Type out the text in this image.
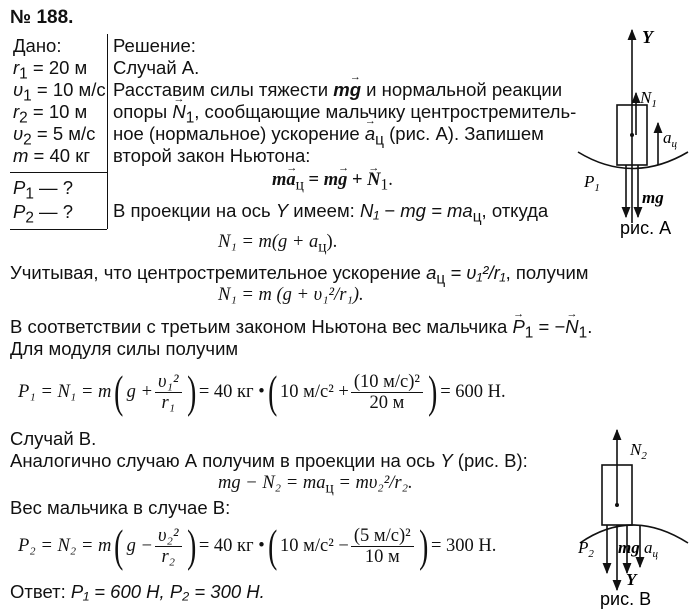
№ 188.
Дано:
$r_1 = 20$ м
$\upsilon_1 = 10$ м/с
$r_2 = 10$ м
$\upsilon_2 = 5$ м/с
m = 40 кг
$P_1$ — ?
$P_2$ — ?
Решение:
Случай А.
Расставим силы тяжести m→ g и нормальной реакции
опоры → $N_1$, сообщающие мальчику центростремитель-
ное (нормальное) ускорение → $a_ц$ (рис. А). Запишем
второй закон Ньютона:
$m\to a_ц = m\to g$ + → $N_1$.
В проекции на ось Y имеем: N₁ − mg = $ma_ц$, откуда
$N_1 = m(g + a_ц)$.
Учитывая, что центростремительное ускорение $a_ц = \upsilon_1^2/r_1$, получим
N₁ = m (g + υ₁²/r₁).
В соответствии с третьим законом Ньютона вес мальчика → $P_1$ = −→ $N_1$.
Для модуля силы получим
P₁ = N₁ = m ( $g + \frac{\text{υ₁²}}{\text{r₁}}$ ) = 40 кг • ( 10 $м/с^2 + \frac{\text{(10 м/с)²}}{20 м}$ ) = 600 Н.
Случай В.
Аналогично случаю А получим в проекции на ось Y (рис. В):
mg − $N_2 = ma_ц = m\upsilon_2^2/r_2$.
Вес мальчика в случае В:
P₂ = N₂ = m ( $g - \frac{\text{υ₂²}}{\text{r₂}}$ ) = 40 кг • ( 10 $м/с^2 - \frac{\text{(5 м/с)²}}{10 м}$ ) = 300 Н.
Ответ: P₁ = 600 Н, P₂ = 300 Н.
Y
$N_1$
$a_ц$
$P_1$ mg
рис. А
$N_2$
$P_2$ mg $a_ц$
Y
рис. В
